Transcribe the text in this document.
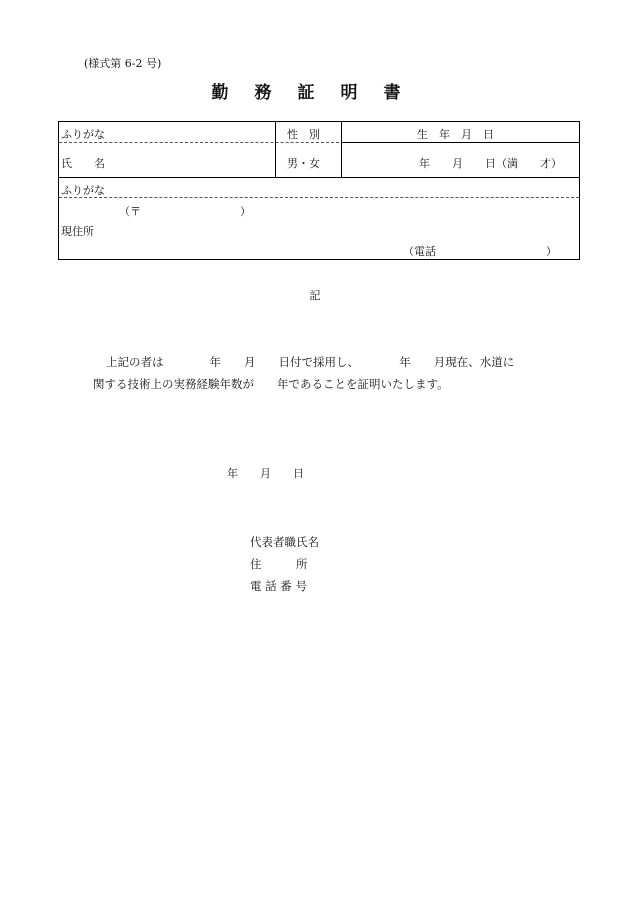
(様式第 6-2 号)
勤務証明書
ふりがな
氏　　名
性　別
男・女
生　年　月　日
年　　月　　日（満　　才）
ふりがな
（〒　　　　　　　　　）
現住所
（電話　　　　　　　　　　）
記
上記の者は　　　　年　　月　　日付で採用し、　　　　年　　月現在、水道に
関する技術上の実務経験年数が　　年であることを証明いたします。
年　　月　　日
代表者職氏名
住　　　所
電 話 番 号
